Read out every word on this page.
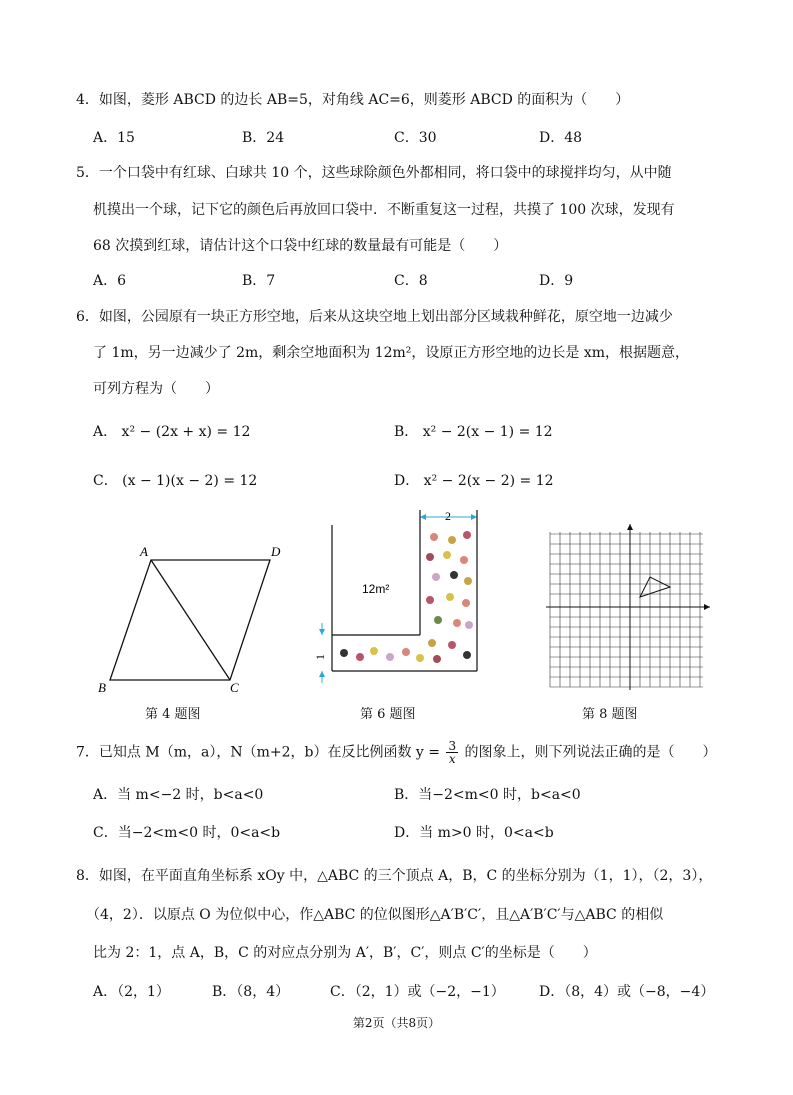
4．如图，菱形 ABCD 的边长 AB=5，对角线 AC=6，则菱形 ABCD 的面积为（　　）
A．15	B．24	C．30	D．48
5．一个口袋中有红球、白球共 10 个，这些球除颜色外都相同，将口袋中的球搅拌均匀，从中随
机摸出一个球，记下它的颜色后再放回口袋中．不断重复这一过程，共摸了 100 次球，发现有
68 次摸到红球，请估计这个口袋中红球的数量最有可能是（　　）
A．6	B．7	C．8	D．9
6．如图，公园原有一块正方形空地，后来从这块空地上划出部分区域栽种鲜花，原空地一边减少
了 1m，另一边减少了 2m，剩余空地面积为 12m²，设原正方形空地的边长是 xm，根据题意，
可列方程为（　　）
A． x² − (2x + x) = 12	B． x² − 2(x − 1) = 12
C． (x − 1)(x − 2) = 12	D． x² − 2(x − 2) = 12
A	D
B	C
第 4 题图
2
1
12m²
第 6 题图	第 8 题图
7．已知点 M（m，a），N（m+2，b）在反比例函数 $y = \frac{3}{x}$ 的图象上，则下列说法正确的是（　　）
A．当 m<−2 时，b<a<0	B．当−2<m<0 时，b<a<0
C．当−2<m<0 时，0<a<b	D．当 m>0 时，0<a<b
8．如图，在平面直角坐标系 xOy 中，△ABC 的三个顶点 A，B，C 的坐标分别为（1，1），（2，3），
（4，2）．以原点 O 为位似中心，作△ABC 的位似图形△A′B′C′，且△A′B′C′与△ABC 的相似
比为 2：1，点 A，B，C 的对应点分别为 A′，B′，C′，则点 C′的坐标是（　　）
A．（2，1）	B．（8，4）	C．（2，1）或（−2，−1） D．（8，4）或（−8，−4）
第2页（共8页）
